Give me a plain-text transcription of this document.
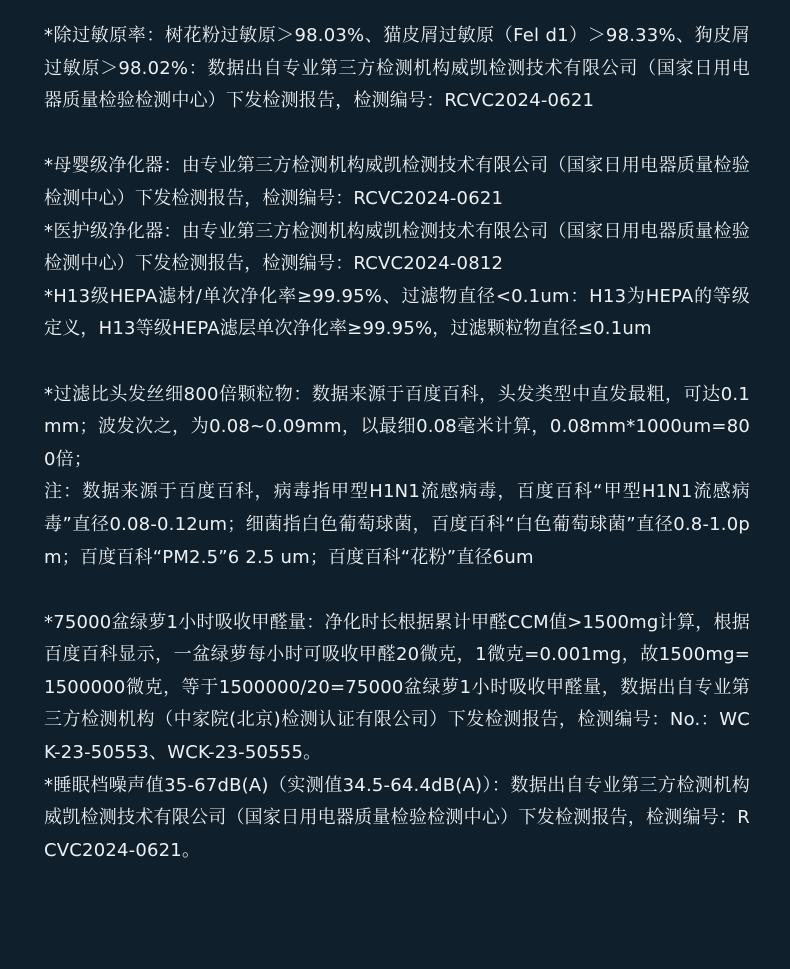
*除过敏原率：树花粉过敏原＞98.03%、猫皮屑过敏原（Fel d1）＞98.33%、狗皮屑过敏原＞98.02%：数据出自专业第三方检测机构威凯检测技术有限公司（国家日用电器质量检验检测中心）下发检测报告，检测编号：RCVC2024-0621

*母婴级净化器：由专业第三方检测机构威凯检测技术有限公司（国家日用电器质量检验检测中心）下发检测报告，检测编号：RCVC2024-0621

*医护级净化器：由专业第三方检测机构威凯检测技术有限公司（国家日用电器质量检验检测中心）下发检测报告，检测编号：RCVC2024-0812

*H13级HEPA滤材/单次净化率≥99.95%、过滤物直径<0.1um：H13为HEPA的等级定义，H13等级HEPA滤层单次净化率≥99.95%，过滤颗粒物直径≤0.1um

*过滤比头发丝细800倍颗粒物：数据来源于百度百科，头发类型中直发最粗，可达0.1mm；波发次之，为0.08~0.09mm，以最细0.08毫米计算，0.08mm*1000um=800倍；

注：数据来源于百度百科，病毒指甲型H1N1流感病毒，百度百科“甲型H1N1流感病毒”直径0.08-0.12um；细菌指白色葡萄球菌，百度百科“白色葡萄球菌”直径0.8-1.0pm；百度百科“PM2.5”6 2.5 um；百度百科“花粉”直径6um

*75000盆绿萝1小时吸收甲醛量：净化时长根据累计甲醛CCM值>1500mg计算，根据百度百科显示，一盆绿萝每小时可吸收甲醛20微克，1微克=0.001mg，故1500mg=1500000微克，等于1500000/20=75000盆绿萝1小时吸收甲醛量，数据出自专业第三方检测机构（中家院(北京)检测认证有限公司）下发检测报告，检测编号：No.：WCK-23-50553、WCK-23-50555。

*睡眠档噪声值35-67dB(A)（实测值34.5-64.4dB(A)）：数据出自专业第三方检测机构威凯检测技术有限公司（国家日用电器质量检验检测中心）下发检测报告，检测编号：RCVC2024-0621。
